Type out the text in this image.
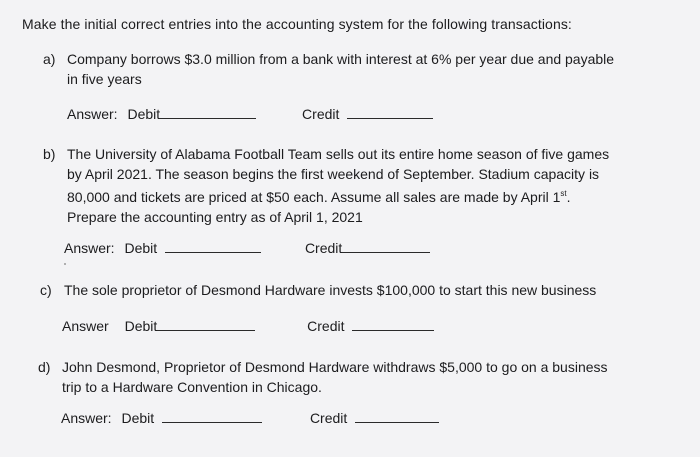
Make the initial correct entries into the accounting system for the following transactions:
a) Company borrows $3.0 million from a bank with interest at 6% per year due and payable
in five years
Answer: Debit	Credit
b) The University of Alabama Football Team sells out its entire home season of five games
by April 2021. The season begins the first weekend of September. Stadium capacity is
80,000 and tickets are priced at $50 each. Assume all sales are made by April 1st.
Prepare the accounting entry as of April 1, 2021
Answer: Debit	Credit
c) The sole proprietor of Desmond Hardware invests $100,000 to start this new business
Answer Debit	Credit
d) John Desmond, Proprietor of Desmond Hardware withdraws $5,000 to go on a business
trip to a Hardware Convention in Chicago.
Answer: Debit	Credit
